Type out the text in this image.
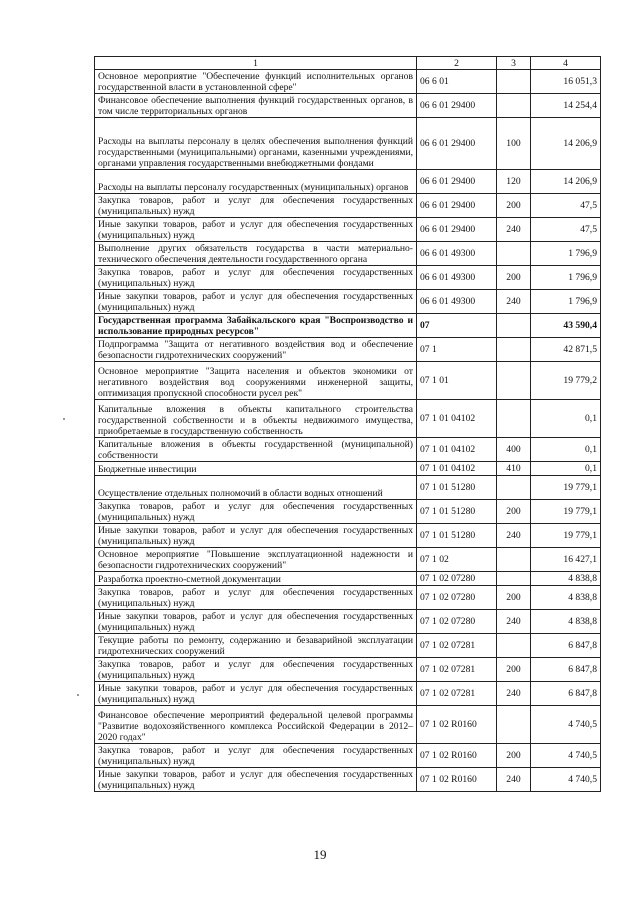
1	2	3	4
Основное мероприятие "Обеспечение функций исполнительных органов государственной власти в установленной сфере"	06 6 01		16 051,3
Финансовое обеспечение выполнения функций государственных органов, в том числе территориальных органов	06 6 01 29400		14 254,4
Расходы на выплаты персоналу в целях обеспечения выполнения функций государственными (муниципальными) органами, казенными учреждениями, органами управления государственными внебюджетными фондами	06 6 01 29400	100	14 206,9
Расходы на выплаты персоналу государственных (муниципальных) органов	06 6 01 29400	120	14 206,9
Закупка товаров, работ и услуг для обеспечения государственных (муниципальных) нужд	06 6 01 29400	200	47,5
Иные закупки товаров, работ и услуг для обеспечения государственных (муниципальных) нужд	06 6 01 29400	240	47,5
Выполнение других обязательств государства в части материально-технического обеспечения деятельности государственного органа	06 6 01 49300		1 796,9
Закупка товаров, работ и услуг для обеспечения государственных (муниципальных) нужд	06 6 01 49300	200	1 796,9
Иные закупки товаров, работ и услуг для обеспечения государственных (муниципальных) нужд	06 6 01 49300	240	1 796,9
Государственная программа Забайкальского края "Воспроизводство и использование природных ресурсов"	07		43 590,4
Подпрограмма "Защита от негативного воздействия вод и обеспечение безопасности гидротехнических сооружений"	07 1		42 871,5
Основное мероприятие "Защита населения и объектов экономики от негативного воздействия вод сооружениями инженерной защиты, оптимизация пропускной способности русел рек"	07 1 01		19 779,2
Капитальные вложения в объекты капитального строительства государственной собственности и в объекты недвижимого имущества, приобретаемые в государственную собственность	07 1 01 04102		0,1
Капитальные вложения в объекты государственной (муниципальной) собственности	07 1 01 04102	400	0,1
Бюджетные инвестиции	07 1 01 04102	410	0,1
Осуществление отдельных полномочий в области водных отношений	07 1 01 51280		19 779,1
Закупка товаров, работ и услуг для обеспечения государственных (муниципальных) нужд	07 1 01 51280	200	19 779,1
Иные закупки товаров, работ и услуг для обеспечения государственных (муниципальных) нужд	07 1 01 51280	240	19 779,1
Основное мероприятие "Повышение эксплуатационной надежности и безопасности гидротехнических сооружений"	07 1 02		16 427,1
Разработка проектно-сметной документации	07 1 02 07280		4 838,8
Закупка товаров, работ и услуг для обеспечения государственных (муниципальных) нужд	07 1 02 07280	200	4 838,8
Иные закупки товаров, работ и услуг для обеспечения государственных (муниципальных) нужд	07 1 02 07280	240	4 838,8
Текущие работы по ремонту, содержанию и безаварийной эксплуатации гидротехнических сооружений	07 1 02 07281		6 847,8
Закупка товаров, работ и услуг для обеспечения государственных (муниципальных) нужд	07 1 02 07281	200	6 847,8
Иные закупки товаров, работ и услуг для обеспечения государственных (муниципальных) нужд	07 1 02 07281	240	6 847,8
Финансовое обеспечение мероприятий федеральной целевой программы "Развитие водохозяйственного комплекса Российской Федерации в 2012–2020 годах"	07 1 02 R0160		4 740,5
Закупка товаров, работ и услуг для обеспечения государственных (муниципальных) нужд	07 1 02 R0160	200	4 740,5
Иные закупки товаров, работ и услуг для обеспечения государственных (муниципальных) нужд	07 1 02 R0160	240	4 740,5
19
